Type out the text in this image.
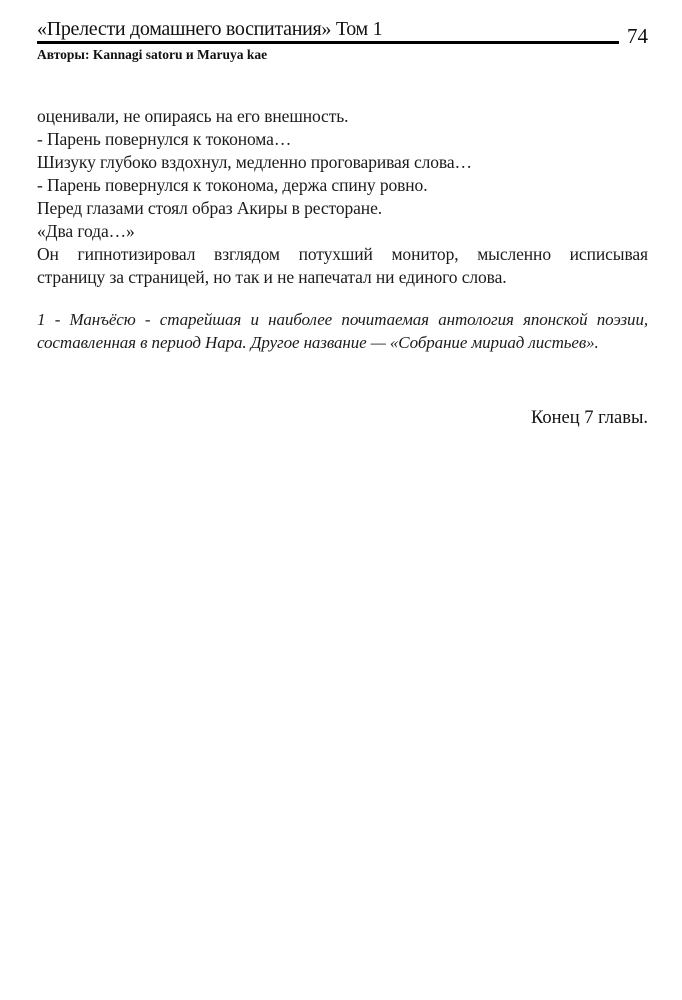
«Прелести домашнего воспитания» Том 1	74
Авторы: Kannagi satoru и Maruya kae
оценивали, не опираясь на его внешность.
- Парень повернулся к токонома…
Шизуку глубоко вздохнул, медленно проговаривая слова…
- Парень повернулся к токонома, держа спину ровно.
Перед глазами стоял образ Акиры в ресторане.
«Два года…»
Он гипнотизировал взглядом потухший монитор, мысленно исписывая
страницу за страницей, но так и не напечатал ни единого слова.
1 - Манъёсю - старейшая и наиболее почитаемая антология японской поэзии,
составленная в период Нара. Другое название — «Собрание мириад листьев».
Конец 7 главы.
